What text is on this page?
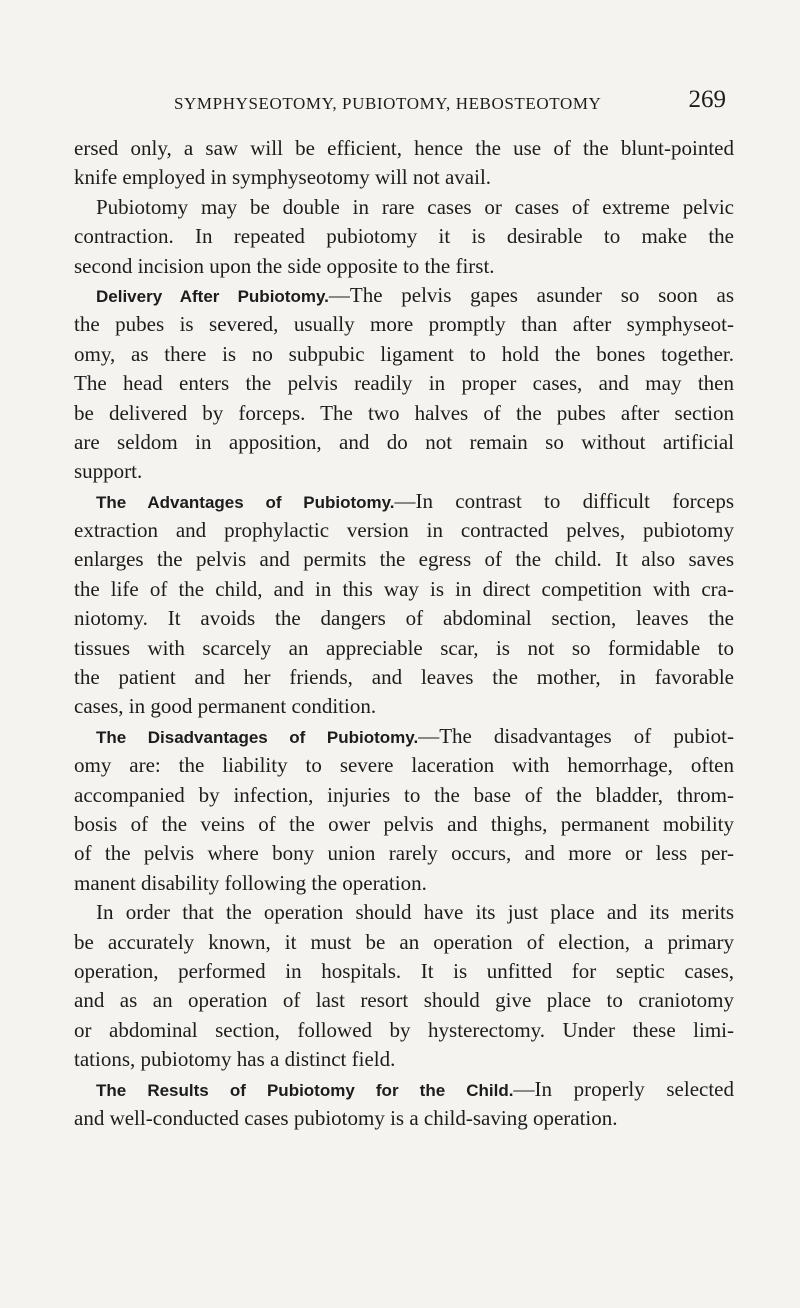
SYMPHYSEOTOMY, PUBIOTOMY, HEBOSTEOTOMY	269
ersed only, a saw will be efficient, hence the use of the blunt-pointed
knife employed in symphyseotomy will not avail.
Pubiotomy may be double in rare cases or cases of extreme pelvic
contraction. In repeated pubiotomy it is desirable to make the
second incision upon the side opposite to the first.
Delivery After Pubiotomy.—The pelvis gapes asunder so soon as
the pubes is severed, usually more promptly than after symphyseot-
omy, as there is no subpubic ligament to hold the bones together.
The head enters the pelvis readily in proper cases, and may then
be delivered by forceps. The two halves of the pubes after section
are seldom in apposition, and do not remain so without artificial
support.
The Advantages of Pubiotomy.—In contrast to difficult forceps
extraction and prophylactic version in contracted pelves, pubiotomy
enlarges the pelvis and permits the egress of the child. It also saves
the life of the child, and in this way is in direct competition with cra-
niotomy. It avoids the dangers of abdominal section, leaves the
tissues with scarcely an appreciable scar, is not so formidable to
the patient and her friends, and leaves the mother, in favorable
cases, in good permanent condition.
The Disadvantages of Pubiotomy.—The disadvantages of pubiot-
omy are: the liability to severe laceration with hemorrhage, often
accompanied by infection, injuries to the base of the bladder, throm-
bosis of the veins of the ower pelvis and thighs, permanent mobility
of the pelvis where bony union rarely occurs, and more or less per-
manent disability following the operation.
In order that the operation should have its just place and its merits
be accurately known, it must be an operation of election, a primary
operation, performed in hospitals. It is unfitted for septic cases,
and as an operation of last resort should give place to craniotomy
or abdominal section, followed by hysterectomy. Under these limi-
tations, pubiotomy has a distinct field.
The Results of Pubiotomy for the Child.—In properly selected
and well-conducted cases pubiotomy is a child-saving operation.
